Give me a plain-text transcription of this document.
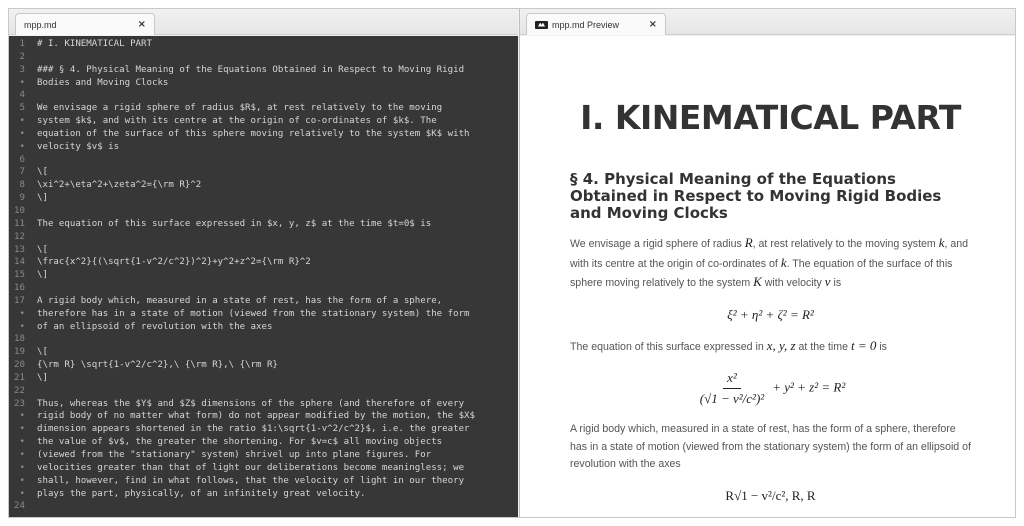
mpp.md	×
1	# I. KINEMATICAL PART
2
3	### § 4. Physical Meaning of the Equations Obtained in Respect to Moving Rigid
•	Bodies and Moving Clocks
4
5	We envisage a rigid sphere of radius $R$, at rest relatively to the moving
•	system $k$, and with its centre at the origin of co-ordinates of $k$. The
•	equation of the surface of this sphere moving relatively to the system $K$ with
•	velocity $v$ is
6
7	\[
8	\xi^2+\eta^2+\zeta^2={\rm R}^2
9	\]
10
11	The equation of this surface expressed in $x, y, z$ at the time $t=0$ is
12
13	\[
14	\frac{x^2}{(\sqrt{1-v^2/c^2})^2}+y^2+z^2={\rm R}^2
15	\]
16
17	A rigid body which, measured in a state of rest, has the form of a sphere,
•	therefore has in a state of motion (viewed from the stationary system) the form
•	of an ellipsoid of revolution with the axes
18
19	\[
20	{\rm R} \sqrt{1-v^2/c^2},\ {\rm R},\ {\rm R}
21	\]
22
23	Thus, whereas the $Y$ and $Z$ dimensions of the sphere (and therefore of every
•	rigid body of no matter what form) do not appear modified by the motion, the $X$
•	dimension appears shortened in the ratio $1:\sqrt{1-v^2/c^2}$, i.e. the greater
•	the value of $v$, the greater the shortening. For $v=c$ all moving objects
•	(viewed from the "stationary" system) shrivel up into plane figures. For
•	velocities greater than that of light our deliberations become meaningless; we
•	shall, however, find in what follows, that the velocity of light in our theory
•	plays the part, physically, of an infinitely great velocity.
24
mpp.md Preview	×
I. KINEMATICAL PART
§ 4. Physical Meaning of the Equations Obtained in Respect to Moving Rigid Bodies and Moving Clocks

We envisage a rigid sphere of radius R, at rest relatively to the moving system k, and with its centre at the origin of co-ordinates of k. The equation of the surface of this sphere moving relatively to the system K with velocity v is

ξ² + η² + ζ² = R²

The equation of this surface expressed in x, y, z at the time t = 0 is

$\frac{\text{x²}}{\text{(√1 − v²/c²)²}} + y^2 + z^2 = R^2$

A rigid body which, measured in a state of rest, has the form of a sphere, therefore has in a state of motion (viewed from the stationary system) the form of an ellipsoid of revolution with the axes

R√1 − v²/c², R, R
